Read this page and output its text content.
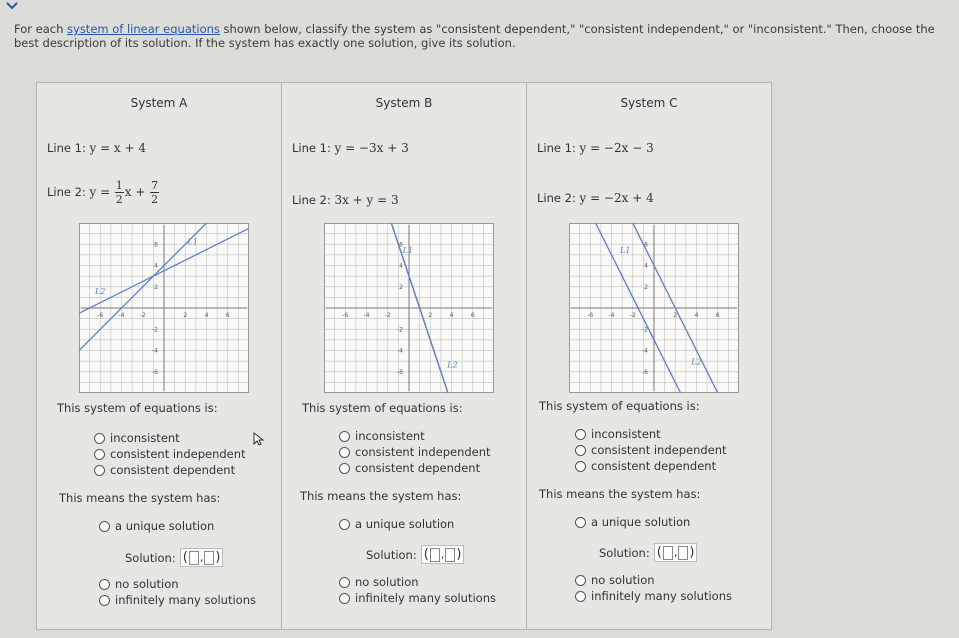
For each system of linear equations shown below, classify the system as "consistent dependent," "consistent independent," or "inconsistent." Then, choose the best description of its solution. If the system has exactly one solution, give its solution.
System A
Line 1: y = x + 4
Line 2: $y = \frac{1}{2}$ $x + \frac{7}{2}$
-6	-4	-2	2	4	6
6
4
2
-2
-4
-6
L1
L2
This system of equations is:
inconsistent
consistent independent
consistent dependent
This means the system has:
a unique solution
Solution: ( , )
no solution
infinitely many solutions
System B
Line 1: y = −3x + 3
Line 2: 3x + y = 3
-6	-4	-2	2	4	6
6
4
2
-2
-4
-6
L1
L2
This system of equations is:
inconsistent
consistent independent
consistent dependent
This means the system has:
a unique solution
Solution: ( , )
no solution
infinitely many solutions
System C
Line 1: y = −2x − 3
Line 2: y = −2x + 4
-6	-4	-2	2	4	6
6
4
2
-2
-4
-6
L1
L2
This system of equations is:
inconsistent
consistent independent
consistent dependent
This means the system has:
a unique solution
Solution: ( , )
no solution
infinitely many solutions
